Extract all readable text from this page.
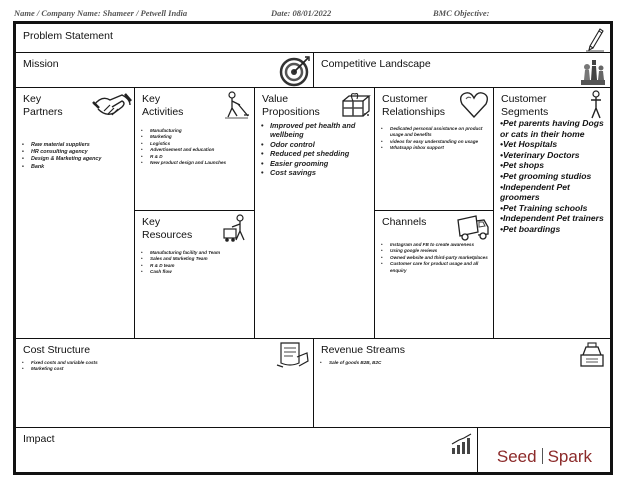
Name / Company Name: Shameer / Petwell India	Date: 08/01/2022	BMC Objective:
Problem Statement
Mission	Competitive Landscape
Key
Partners
• Raw material suppliers
• HR consulting agency
• Design & Marketing agency
• Bank
Key
Activities
• Manufacturing
• Marketing
• Logistics
• Advertisement and education
• R & D
• New product design and Launches
Key
Resources
• Manufacturing facility and Team
• Sales and Marketing Team
• R & D team
• Cash flow
Value
Propositions
• Improved pet health and wellbeing
• Odor control
• Reduced pet shedding
• Easier grooming
• Cost savings
Customer
Relationships
• Dedicated personal assistance on product usage and benefits
• videos for easy understanding on usage
• Whatsapp inbox support
Channels
• Instagram and FB to create awareness
• Using google reviews
• Owned website and third-party marketplaces
• Customer care for product usage and all enquiry
Customer
Segments
•Pet parents having Dogs or cats in their home
•Vet Hospitals
•Veterinary Doctors
•Pet shops
•Pet grooming studios
•Independent Pet groomers
•Pet Training schools
•Independent Pet trainers
•Pet boardings
Cost Structure
• Fixed costs and variable costs
• Marketing cost
Revenue Streams
• Sale of goods B2B, B2C
Impact
Seed Spark
